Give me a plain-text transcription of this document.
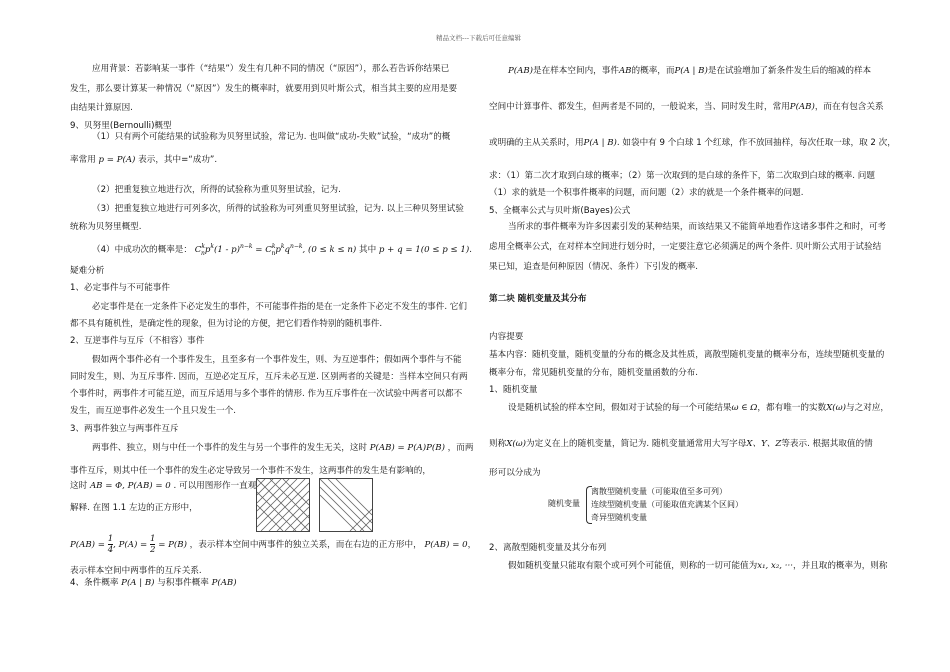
精品文档---下载后可任意编辑
应用背景：若影响某一事件（“结果”）发生有几种不同的情况（“原因”），那么若告诉你结果已
发生，那么要计算某一种情况（“原因”）发生的概率时，就要用到贝叶斯公式，相当其主要的应用是要
由结果计算原因.
9、贝努里(Bernoulli)概型
（1）只有两个可能结果的试验称为贝努里试验，常记为. 也叫做“成功-失败”试验，“成功”的概
率常用 p = P(A) 表示，其中=“成功”.
（2）把重复独立地进行次，所得的试验称为重贝努里试验，记为.
（3）把重复独立地进行可列多次，所得的试验称为可列重贝努里试验，记为. 以上三种贝努里试验
统称为贝努里概型.
（4）中成功次的概率是： $C^k_np^k(1 - p)^{n-k} = C^k_np^kq^{n-k}$, (0 ≤ k ≤ n) 其中 p + q = 1(0 ≤ p ≤ 1).
疑难分析
1、必定事件与不可能事件
必定事件是在一定条件下必定发生的事件，不可能事件指的是在一定条件下必定不发生的事件. 它们
都不具有随机性，是确定性的现象，但为讨论的方便，把它们看作特别的随机事件.
2、互逆事件与互斥（不相容）事件
假如两个事件必有一个事件发生，且至多有一个事件发生，则、为互逆事件；假如两个事件与不能
同时发生，则、为互斥事件. 因而，互逆必定互斥，互斥未必互逆. 区别两者的关键是：当样本空间只有两
个事件时，两事件才可能互逆，而互斥适用与多个事件的情形. 作为互斥事件在一次试验中两者可以都不
发生，而互逆事件必发生一个且只发生一个.
3、两事件独立与两事件互斥
两事件、独立，则与中任一个事件的发生与另一个事件的发生无关，这时 P(AB) = P(A)P(B) ，而两
事件互斥，则其中任一个事件的发生必定导致另一个事件不发生，这两事件的发生是有影响的，
这时 AB = Φ, P(AB) = 0 . 可以用图形作一直观
解释. 在图 1.1 左边的正方形中，
$P(AB) = \frac{1}{4}$ , $P(A) = \frac{1}{2} = P(B)$ ，表示样本空间中两事件的独立关系，而在右边的正方形中， P(AB) = 0，
表示样本空间中两事件的互斥关系.
4、条件概率 P(A | B) 与积事件概率 P(AB)
P(AB)是在样本空间内，事件AB的概率，而P(A | B)是在试验增加了新条件发生后的缩减的样本
空间中计算事件、都发生，但两者是不同的，一般说来，当、同时发生时，常用P(AB)，而在有包含关系
或明确的主从关系时，用P(A | B). 如袋中有 9 个白球 1 个红球，作不放回抽样，每次任取一球，取 2 次，
求：（1）第二次才取到白球的概率；（2）第一次取到的是白球的条件下，第二次取到白球的概率. 问题
（1）求的就是一个积事件概率的问题，而问题（2）求的就是一个条件概率的问题.
5、全概率公式与贝叶斯(Bayes)公式
当所求的事件概率为许多因素引发的某种结果，而该结果又不能简单地看作这诸多事件之和时，可考
虑用全概率公式，在对样本空间进行划分时，一定要注意它必须满足的两个条件. 贝叶斯公式用于试验结
果已知，追查是何种原因（情况、条件）下引发的概率.
第二块 随机变量及其分布
内容提要
基本内容：随机变量，随机变量的分布的概念及其性质，离散型随机变量的概率分布，连续型随机变量的
概率分布，常见随机变量的分布，随机变量函数的分布.
1、随机变量
设是随机试验的样本空间，假如对于试验的每一个可能结果ω ∈ Ω，都有唯一的实数X(ω)与之对应，
则称X(ω)为定义在上的随机变量，简记为. 随机变量通常用大写字母X、Y、Z等表示. 根据其取值的情
形可以分成为
随机变量
离散型随机变量（可能取值至多可列）
连续型随机变量（可能取值充满某个区间）
奇异型随机变量
2、离散型随机变量及其分布列
假如随机变量只能取有限个或可列个可能值，则称的一切可能值为x₁, x₂, ···，并且取的概率为，则称
